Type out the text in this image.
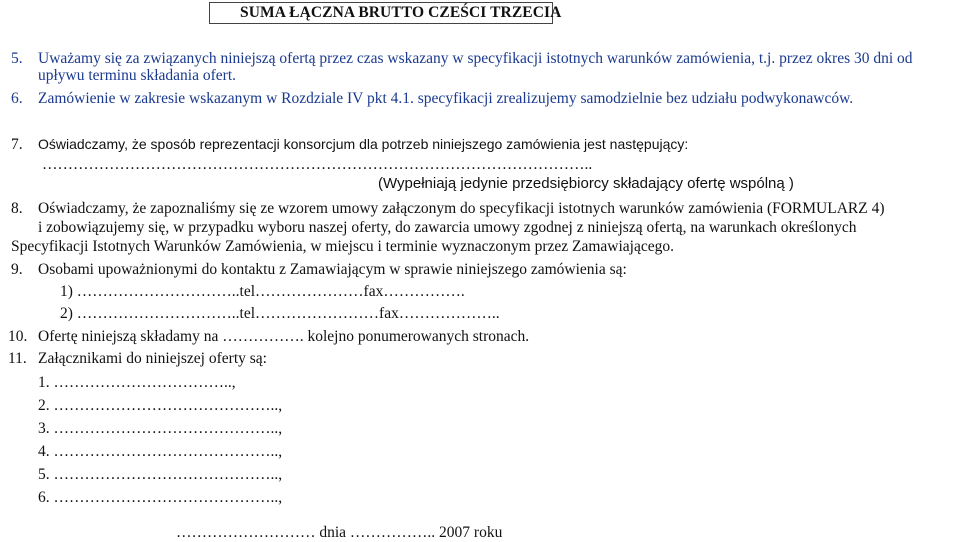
SUMA ŁĄCZNA BRUTTO CZEŚCI TRZECIA
5. Uważamy się za związanych niniejszą ofertą przez czas wskazany w specyfikacji istotnych warunków zamówienia, t.j. przez okres 30 dni od
upływu terminu składania ofert.
6. Zamówienie w zakresie wskazanym w Rozdziale IV pkt 4.1. specyfikacji zrealizujemy samodzielnie bez udziału podwykonawców.
7. Oświadczamy, że sposób reprezentacji konsorcjum dla potrzeb niniejszego zamówienia jest następujący:
……………………………………………………………………………………………..
(Wypełniają jedynie przedsiębiorcy składający ofertę wspólną )
8. Oświadczamy, że zapoznaliśmy się ze wzorem umowy załączonym do specyfikacji istotnych warunków zamówienia (FORMULARZ 4)
i zobowiązujemy się, w przypadku wyboru naszej oferty, do zawarcia umowy zgodnej z niniejszą ofertą, na warunkach określonych
Specyfikacji Istotnych Warunków Zamówienia, w miejscu i terminie wyznaczonym przez Zamawiającego.
9. Osobami upoważnionymi do kontaktu z Zamawiającym w sprawie niniejszego zamówienia są:
1) …………………………..tel…………………fax…………….
2) …………………………..tel……………………fax………………..
10. Ofertę niniejszą składamy na ……………. kolejno ponumerowanych stronach.
11. Załącznikami do niniejszej oferty są:
1. ……………………………..,
2. ……………………………………..,
3. ……………………………………..,
4. ……………………………………..,
5. ……………………………………..,
6. ……………………………………..,
……………………… dnia …………….. 2007 roku
